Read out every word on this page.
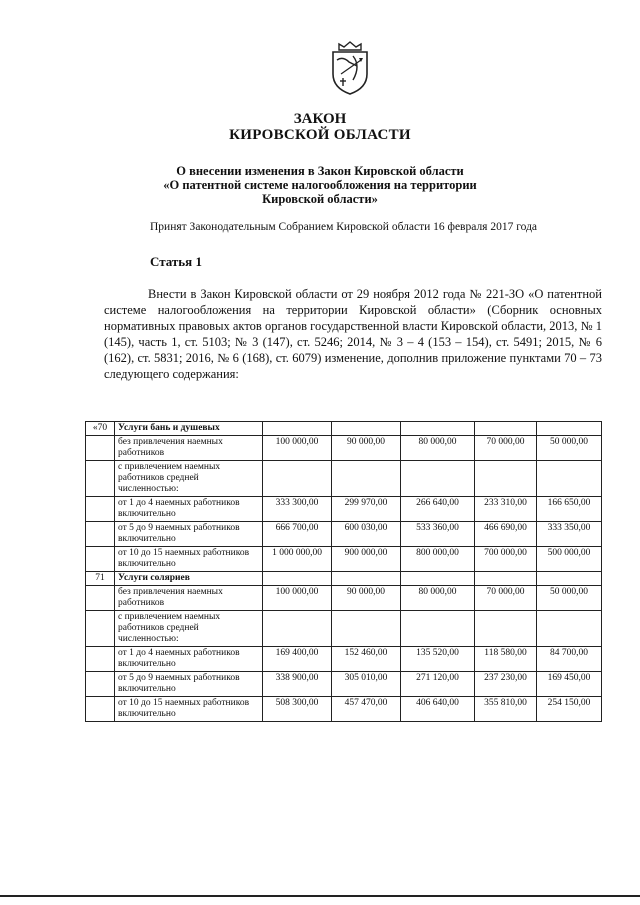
ЗАКОН
КИРОВСКОЙ ОБЛАСТИ
О внесении изменения в Закон Кировской области
«О патентной системе налогообложения на территории
Кировской области»
Принят Законодательным Собранием Кировской области 16 февраля 2017 года
Статья 1
Внести в Закон Кировской области от 29 ноября 2012 года № 221-ЗО «О патентной системе налогообложения на территории Кировской области» (Сборник основных нормативных правовых актов органов государственной власти Кировской области, 2013, № 1 (145), часть 1, ст. 5103; № 3 (147), ст. 5246; 2014, № 3 – 4 (153 – 154), ст. 5491; 2015, № 6 (162), ст. 5831; 2016, № 6 (168), ст. 6079) изменение, дополнив приложение пунктами 70 – 73 следующего содержания:
«70	Услуги бань и душевых					
	без привлечения наемных работников	100 000,00	90 000,00	80 000,00	70 000,00	50 000,00
	с привлечением наемных работников средней численностью:					
	от 1 до 4 наемных работников включительно	333 300,00	299 970,00	266 640,00	233 310,00	166 650,00
	от 5 до 9 наемных работников включительно	666 700,00	600 030,00	533 360,00	466 690,00	333 350,00
	от 10 до 15 наемных работников включительно	1 000 000,00	900 000,00	800 000,00	700 000,00	500 000,00
71	Услуги соляриев					
	без привлечения наемных работников	100 000,00	90 000,00	80 000,00	70 000,00	50 000,00
	с привлечением наемных работников средней численностью:					
	от 1 до 4 наемных работников включительно	169 400,00	152 460,00	135 520,00	118 580,00	84 700,00
	от 5 до 9 наемных работников включительно	338 900,00	305 010,00	271 120,00	237 230,00	169 450,00
	от 10 до 15 наемных работников включительно	508 300,00	457 470,00	406 640,00	355 810,00	254 150,00
